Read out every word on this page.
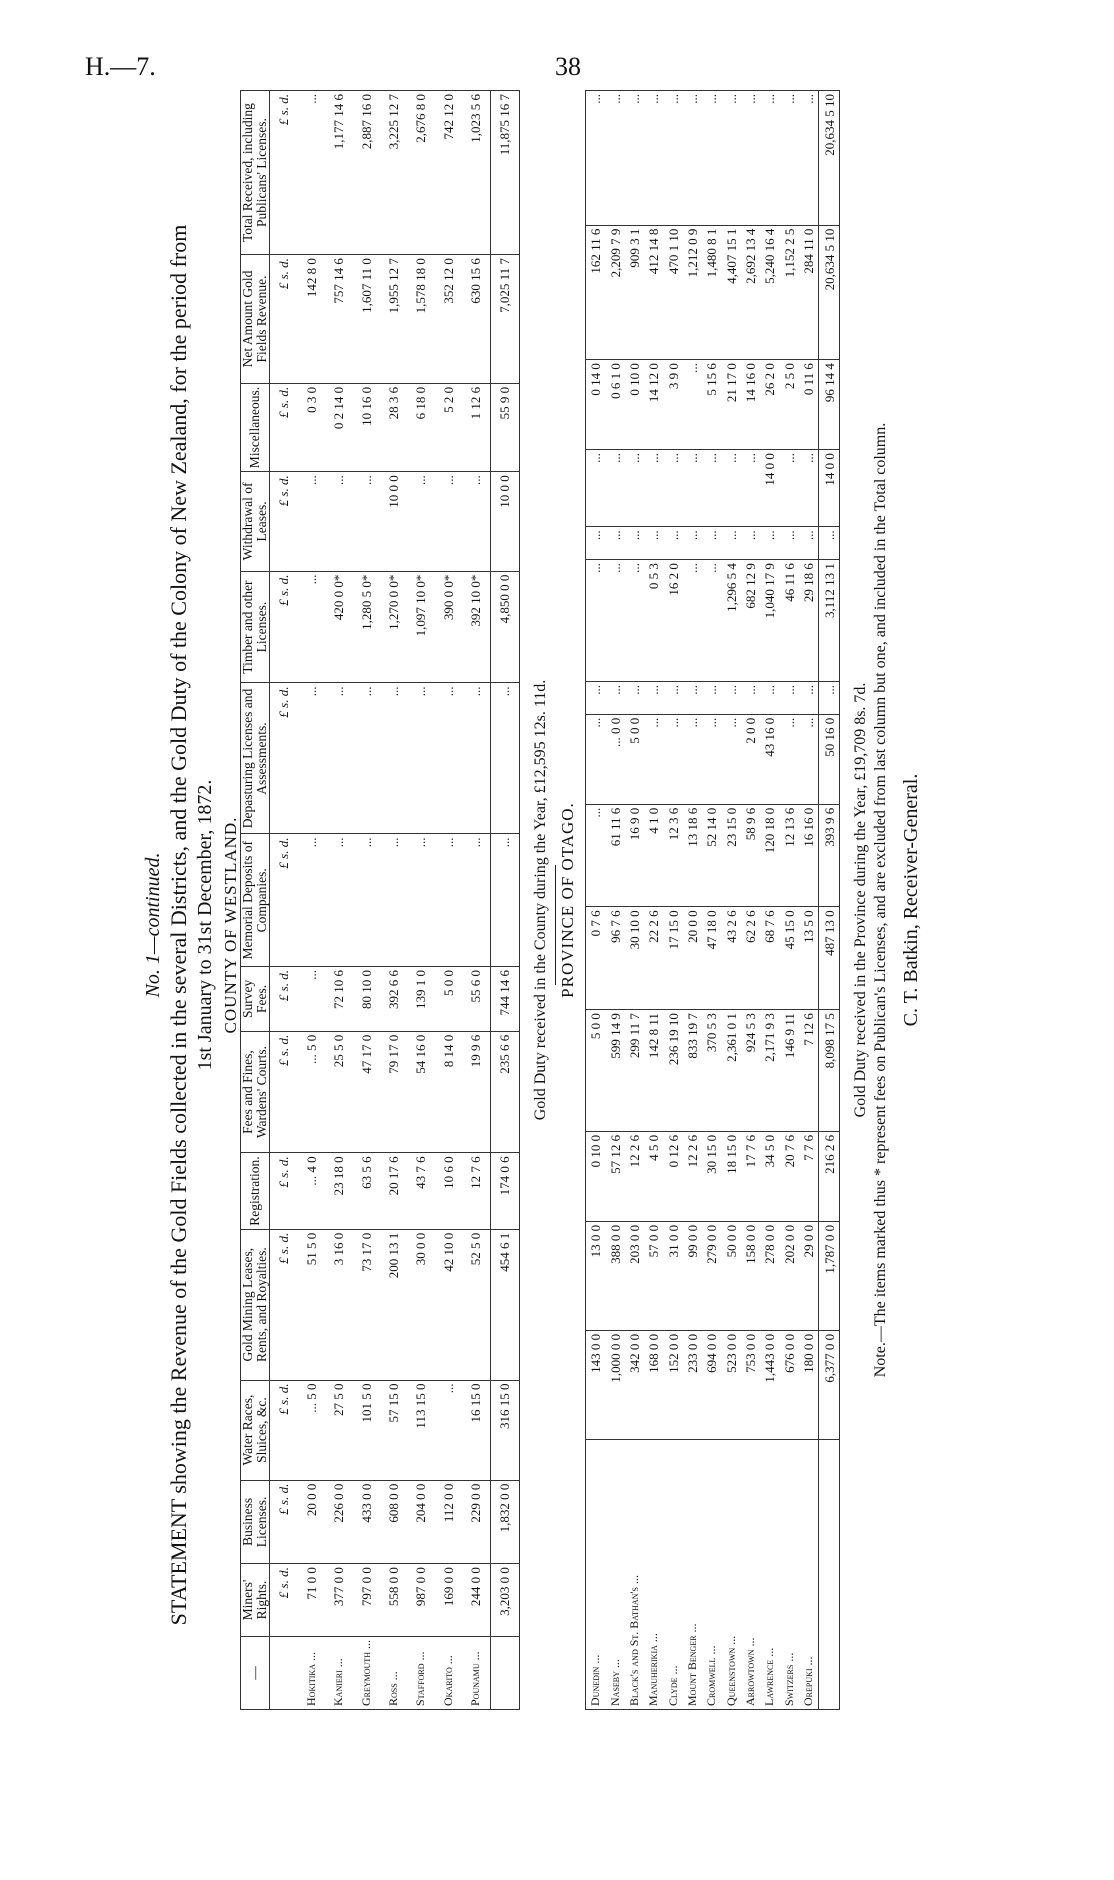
H.—7.	38
No. 1—continued. STATEMENT showing the Revenue of the Gold Fields collected in the several Districts, and the Gold Duty of the Colony of New Zealand, for the period from 1st January to 31st December, 1872. COUNTY OF WESTLAND.
—	Miners' Rights.	Business Licenses.	Water Races, Sluices, &c.	Gold Mining Leases, Rents, and Royalties.	Registration.	Fees and Fines, Wardens' Courts.	Survey Fees.	Memorial Deposits of Companies.	Depasturing Licenses and Assessments.	Timber and other Licenses.	Withdrawal of Leases.	Miscellaneous.	Net Amount Gold Fields Revenue.	Total Received, including Publicans' Licenses.
	£ s. d.	£ s. d.	£ s. d.	£ s. d.	£ s. d.	£ s. d.	£ s. d.	£ s. d.	£ s. d.	£ s. d.	£ s. d.	£ s. d.	£ s. d.	£ s. d.
Hokitika ...	71 0 0	20 0 0	... 5 0	51 5 0	... 4 0	... 5 0	...	...	...	...	...	0 3 0	142 8 0	...
Kanieri ...	377 0 0	226 0 0	27 5 0	3 16 0	23 18 0	25 5 0	72 10 6	...	...	420 0 0*	...	0 2 14 0	757 14 6	1,177 14 6
Greymouth ...	797 0 0	433 0 0	101 5 0	73 17 0	63 5 6	47 17 0	80 10 0	...	...	1,280 5 0*	...	10 16 0	1,607 11 0	2,887 16 0
Ross ...	558 0 0	608 0 0	57 15 0	200 13 1	20 17 6	79 17 0	392 6 6	...	...	1,270 0 0*	10 0 0	28 3 6	1,955 12 7	3,225 12 7
Stafford ...	987 0 0	204 0 0	113 15 0	30 0 0	43 7 6	54 16 0	139 1 0	...	...	1,097 10 0*	...	6 18 0	1,578 18 0	2,676 8 0
Okarito ...	169 0 0	112 0 0	...	42 10 0	10 6 0	8 14 0	5 0 0	...	...	390 0 0*	...	5 2 0	352 12 0	742 12 0
Pounamu ...	244 0 0	229 0 0	16 15 0	52 5 0	12 7 6	19 9 6	55 6 0	...	...	392 10 0*	...	1 12 6	630 15 6	1,023 5 6
	3,203 0 0	1,832 0 0	316 15 0	454 6 1	174 0 6	235 6 6	744 14 6	...	...	4,850 0 0	10 0 0	55 9 0	7,025 11 7	11,875 16 7
Gold Duty received in the County during the Year, £12,595 12s. 11d. PROVINCE OF OTAGO.
Dunedin ...	143 0 0	13 0 0	0 10 0	5 0 0	0 7 6	...	...	...	...	...	...	0 14 0	162 11 6	...
Naseby ...	1,000 0 0	388 0 0	57 12 6	599 14 9	96 7 6	61 11 6	... 0 0	...	...	...	...	0 6 1 0	2,209 7 9	...
Black's and St. Bathan's ...	342 0 0	203 0 0	12 2 6	299 11 7	30 10 0	16 9 0	5 0 0	...	...	...	...	0 10 0	909 3 1	...
Manuherikia ...	168 0 0	57 0 0	4 5 0	142 8 11	22 2 6	4 1 0	...	...	0 5 3	...	...	14 12 0	412 14 8	...
Clyde ...	152 0 0	31 0 0	0 12 6	236 19 10	17 15 0	12 3 6	...	...	16 2 0	...	...	3 9 0	470 1 10	...
Mount Benger ...	233 0 0	99 0 0	12 2 6	833 19 7	20 0 0	13 18 6	...	...	...	...	...	...	1,212 0 9	...
Cromwell ...	694 0 0	279 0 0	30 15 0	370 5 3	47 18 0	52 14 0	...	...	...	...	...	5 15 6	1,480 8 1	...
Queenstown ...	523 0 0	50 0 0	18 15 0	2,361 0 1	43 2 6	23 15 0	...	...	1,296 5 4	...	...	21 17 0	4,407 15 1	...
Arrowtown ...	753 0 0	158 0 0	17 7 6	924 5 3	62 2 6	58 9 6	2 0 0	...	682 12 9	...	...	14 16 0	2,692 13 4	...
Lawrence ...	1,443 0 0	278 0 0	34 5 0	2,171 9 3	68 7 6	120 18 0	43 16 0	...	1,040 17 9	...	14 0 0	26 2 0	5,240 16 4	...
Switzers ...	676 0 0	202 0 0	20 7 6	146 9 11	45 15 0	12 13 6	...	...	46 11 6	...	...	2 5 0	1,152 2 5	...
Orepuki ...	180 0 0	29 0 0	7 7 6	7 12 6	13 5 0	16 16 0	...	...	29 18 6	...	...	0 11 6	284 11 0	...
	6,377 0 0	1,787 0 0	216 2 6	8,098 17 5	487 13 0	393 9 6	50 16 0	...	3,112 13 1	...	14 0 0	96 14 4	20,634 5 10	20,634 5 10
Gold Duty received in the Province during the Year, £19,709 8s. 7d. Note.—The items marked thus * represent fees on Publican's Licenses, and are excluded from last column but one, and included in the Total column. C. T. Batkin, Receiver-General.
